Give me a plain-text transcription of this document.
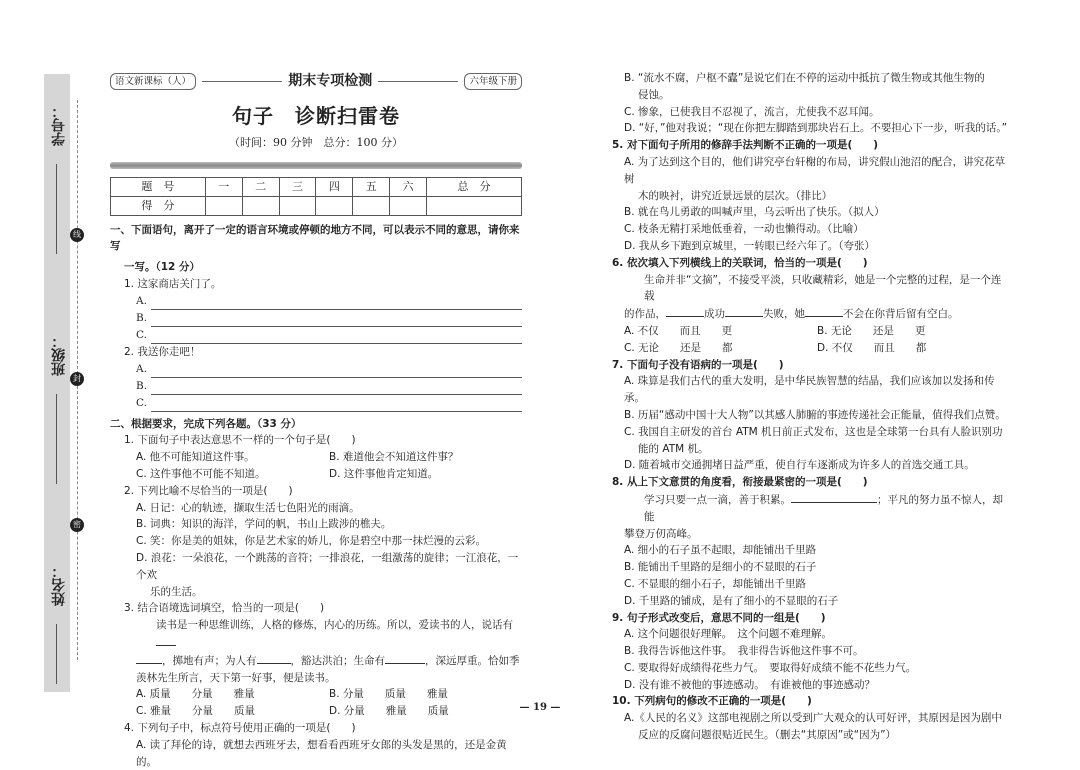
学号：
班级：
姓名：
线
封
密
语文新课标（人）	期末专项检测	六年级下册
句子　诊断扫雷卷
（时间：90 分钟　总分：100 分）
题　号	一	二	三	四	五	六	总　分
得　分							
一、下面语句，离开了一定的语言环境或停顿的地方不同，可以表示不同的意思，请你来写
一写。（12 分）
1. 这家商店关门了。
A.
B.
C.
2. 我送你走吧！
A.
B.
C.
二、根据要求，完成下列各题。（33 分）
1. 下面句子中表达意思不一样的一个句子是(　　)
A. 他不可能知道这件事。	B. 难道他会不知道这件事？
C. 这件事他不可能不知道。	D. 这件事他肯定知道。
2. 下列比喻不尽恰当的一项是(　　)
A. 日记：心的轨迹，撷取生活七色阳光的雨滴。
B. 词典：知识的海洋，学问的帆，书山上跋涉的樵夫。
C. 笑：你是美的姐妹，你是艺术家的娇儿，你是碧空中那一抹烂漫的云彩。
D. 浪花：一朵浪花，一个跳荡的音符；一排浪花，一组激荡的旋律；一江浪花，一个欢
乐的生活。
3. 结合语境选词填空，恰当的一项是(　　)
读书是一种思维训练，人格的修炼，内心的历练。所以，爱读书的人，说话有
，掷地有声；为人有	，豁达洪泊；生命有	，深远厚重。恰如季
羡林先生所言，天下第一好事，便是读书。
A. 质量　　分量　　雅量	B. 分量　　质量　　雅量
C. 雅量　　分量　　质量	D. 分量　　雅量　　质量
4. 下列句子中，标点符号使用正确的一项是(　　)
A. 读了拜伦的诗，就想去西班牙去，想看看西班牙女郎的头发是黑的，还是金黄的。
B. “流水不腐，户枢不蠹”是说它们在不停的运动中抵抗了微生物或其他生物的
侵蚀。
C. 惨象，已使我目不忍视了，流言，尤使我不忍耳闻。
D. “好，”他对我说；“现在你把左脚踏到那块岩石上。不要担心下一步，听我的话。”
5. 对下面句子所用的修辞手法判断不正确的一项是(　　)
A. 为了达到这个目的，他们讲究亭台轩榭的布局，讲究假山池沼的配合，讲究花草树
木的映衬，讲究近景远景的层次。（排比）
B. 就在鸟儿勇敢的叫喊声里，乌云听出了快乐。（拟人）
C. 枝条无精打采地低垂着，一动也懒得动。（比喻）
D. 我从乡下跑到京城里，一转眼已经六年了。（夸张）
6. 依次填入下列横线上的关联词，恰当的一项是(　　)
生命并非“文摘”，不接受平淡，只收藏精彩，她是一个完整的过程，是一个连载
的作品，	成功	失败，她	不会在你背后留有空白。
A. 不仅　　而且　　更	B. 无论　　还是　　更
C. 无论　　还是　　都	D. 不仅　　而且　　都
7. 下面句子没有语病的一项是(　　)
A. 珠算是我们古代的重大发明，是中华民族智慧的结晶，我们应该加以发扬和传承。
B. 历届“感动中国十大人物”以其感人肺腑的事迹传递社会正能量，值得我们点赞。
C. 我国自主研发的首台 ATM 机日前正式发布，这也是全球第一台具有人脸识别功
能的 ATM 机。
D. 随着城市交通拥堵日益严重，使自行车逐渐成为许多人的首选交通工具。
8. 从上下文意贯的角度看，衔接最紧密的一项是(　　)
学习只要一点一滴，善于积累。	；平凡的努力虽不惊人，却能
攀登万仞高峰。
A. 细小的石子虽不起眼，却能铺出千里路
B. 能铺出千里路的是细小的不显眼的石子
C. 不显眼的细小石子，却能铺出千里路
D. 千里路的铺成，是有了细小的不显眼的石子
9. 句子形式改变后，意思不同的一组是(　　)
A. 这个问题很好理解。　这个问题不难理解。
B. 我得告诉他这件事。　我非得告诉他这件事不可。
C. 要取得好成绩得花些力气。　要取得好成绩不能不花些力气。
D. 没有谁不被他的事迹感动。　有谁被他的事迹感动？
10. 下列病句的修改不正确的一项是(　　)
A.《人民的名义》这部电视剧之所以受到广大观众的认可好评，其原因是因为剧中
反应的反腐问题很贴近民生。（删去“其原因”或“因为”）
— 19 —
